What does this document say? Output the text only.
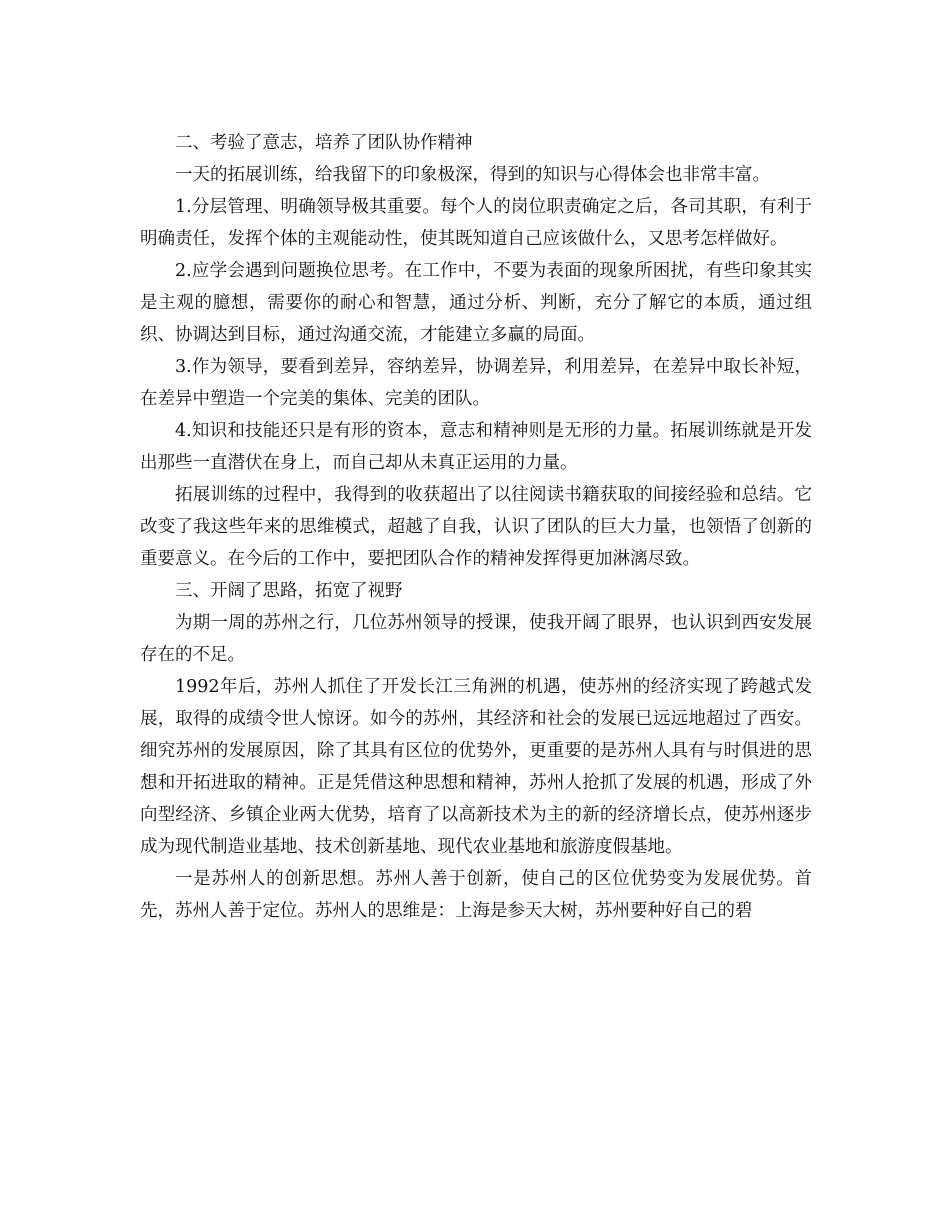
二、考验了意志，培养了团队协作精神

一天的拓展训练，给我留下的印象极深，得到的知识与心得体会也非常丰富。

1.分层管理、明确领导极其重要。每个人的岗位职责确定之后，各司其职，有利于明确责任，发挥个体的主观能动性，使其既知道自己应该做什么，又思考怎样做好。

2.应学会遇到问题换位思考。在工作中，不要为表面的现象所困扰，有些印象其实是主观的臆想，需要你的耐心和智慧，通过分析、判断，充分了解它的本质，通过组织、协调达到目标，通过沟通交流，才能建立多赢的局面。

3.作为领导，要看到差异，容纳差异，协调差异，利用差异，在差异中取长补短，在差异中塑造一个完美的集体、完美的团队。

4.知识和技能还只是有形的资本，意志和精神则是无形的力量。拓展训练就是开发出那些一直潜伏在身上，而自己却从未真正运用的力量。

拓展训练的过程中，我得到的收获超出了以往阅读书籍获取的间接经验和总结。它改变了我这些年来的思维模式，超越了自我，认识了团队的巨大力量，也领悟了创新的重要意义。在今后的工作中，要把团队合作的精神发挥得更加淋漓尽致。

三、开阔了思路，拓宽了视野

为期一周的苏州之行，几位苏州领导的授课，使我开阔了眼界，也认识到西安发展存在的不足。

1992年后，苏州人抓住了开发长江三角洲的机遇，使苏州的经济实现了跨越式发展，取得的成绩令世人惊讶。如今的苏州，其经济和社会的发展已远远地超过了西安。细究苏州的发展原因，除了其具有区位的优势外，更重要的是苏州人具有与时俱进的思想和开拓进取的精神。正是凭借这种思想和精神，苏州人抢抓了发展的机遇，形成了外向型经济、乡镇企业两大优势，培育了以高新技术为主的新的经济增长点，使苏州逐步成为现代制造业基地、技术创新基地、现代农业基地和旅游度假基地。

一是苏州人的创新思想。苏州人善于创新，使自己的区位优势变为发展优势。首先，苏州人善于定位。苏州人的思维是：上海是参天大树，苏州要种好自己的碧
